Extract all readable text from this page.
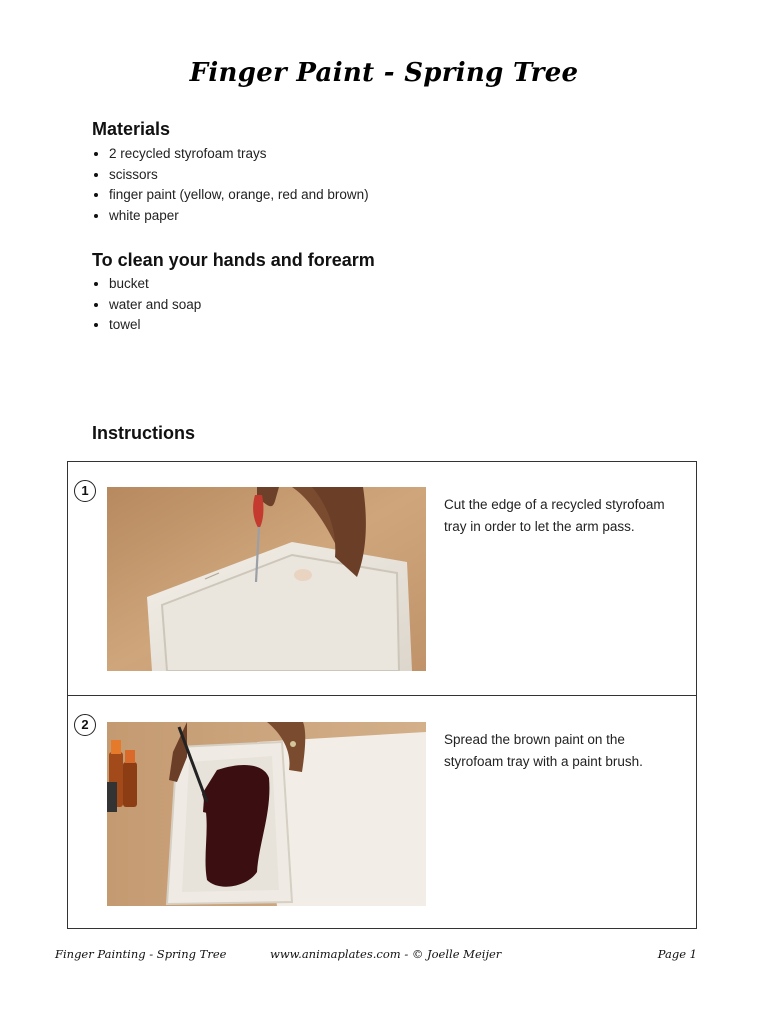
Finger Paint - Spring Tree
Materials
2 recycled styrofoam trays
scissors
finger paint (yellow, orange, red and brown)
white paper
To clean your hands and forearm
bucket
water and soap
towel
Instructions
1
Cut the edge of a recycled styrofoam tray in order to let the arm pass.
2
Spread the brown paint on the styrofoam tray with a paint brush.
Finger Painting - Spring Tree	www.animaplates.com - © Joelle Meijer	Page 1
